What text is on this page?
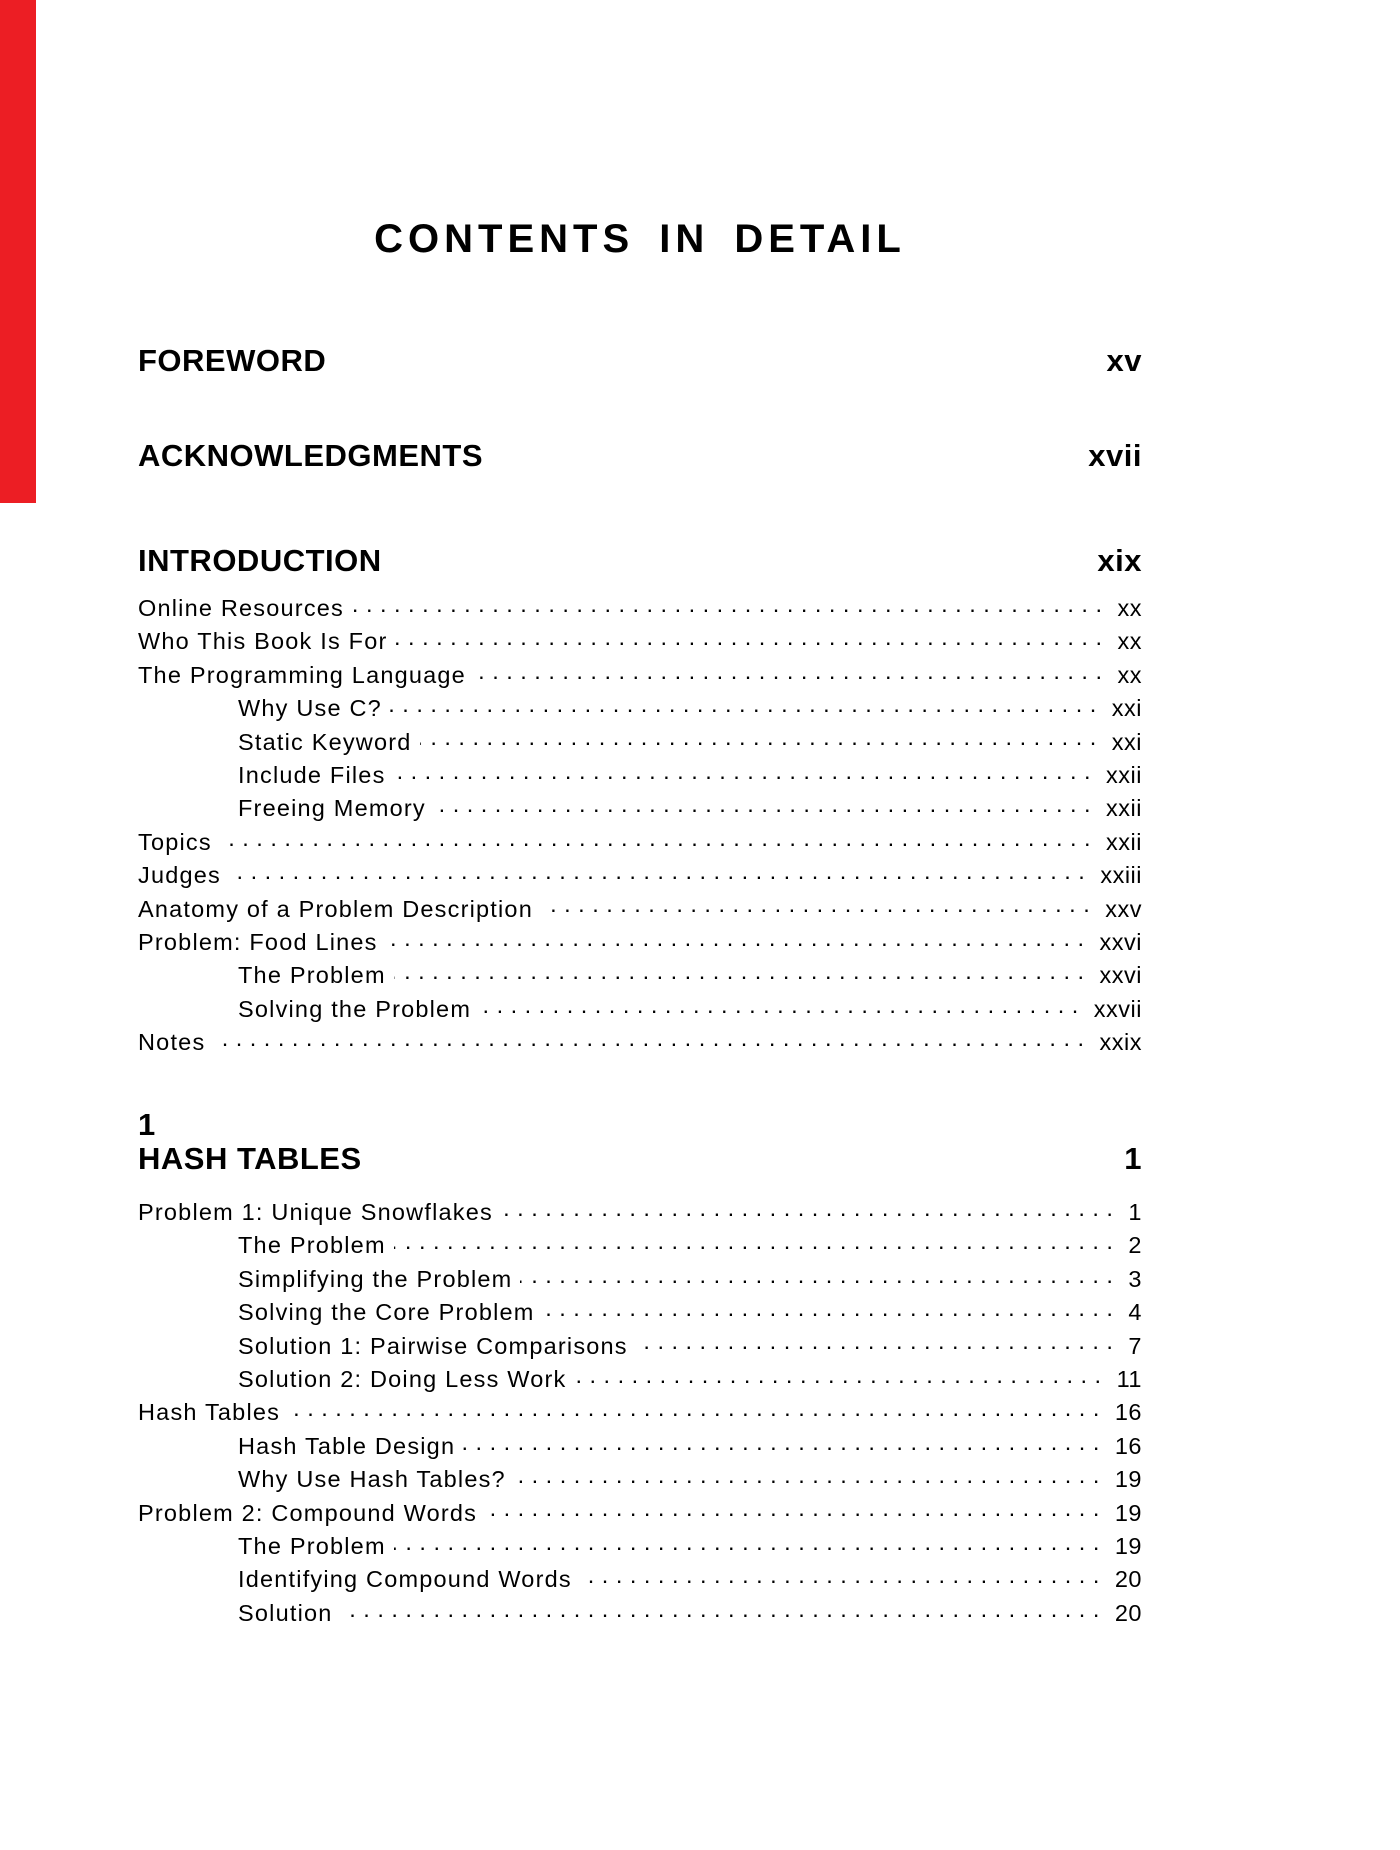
CONTENTS IN DETAIL
FOREWORD	xv
ACKNOWLEDGMENTS	xvii
INTRODUCTION	xix
Online Resources .....	xx
Who This Book Is For .....	xx
The Programming Language .....	xx
Why Use C? .....	xxi
Static Keyword .....	xxi
Include Files .....	xxii
Freeing Memory .....	xxii
Topics .....	xxii
Judges .....	xxiii
Anatomy of a Problem Description .....	xxv
Problem: Food Lines .....	xxvi
The Problem .....	xxvi
Solving the Problem .....	xxvii
Notes .....	xxix
1
HASH TABLES	1
Problem 1: Unique Snowflakes .....	1
The Problem .....	2
Simplifying the Problem .....	3
Solving the Core Problem .....	4
Solution 1: Pairwise Comparisons .....	7
Solution 2: Doing Less Work .....	11
Hash Tables .....	16
Hash Table Design .....	16
Why Use Hash Tables? .....	19
Problem 2: Compound Words .....	19
The Problem .....	19
Identifying Compound Words .....	20
Solution .....	20
